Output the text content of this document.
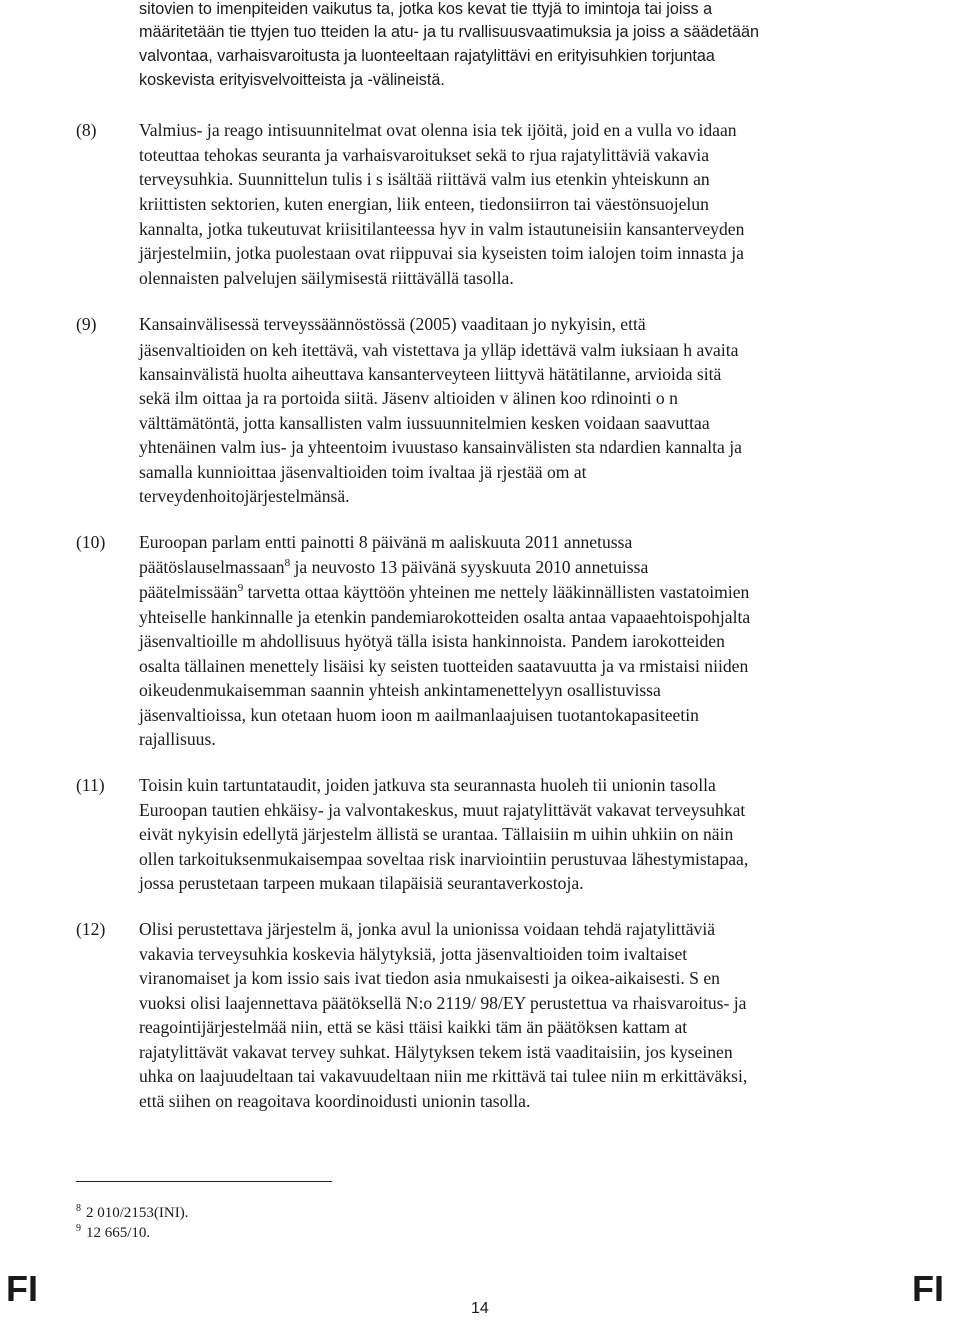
sitovien to imenpiteiden vaikutus ta, jotka kos kevat tie ttyjä to imintoja tai joiss a
määritetään tie ttyjen tuo tteiden la atu- ja tu rvallisuusvaatimuksia ja joiss a säädetään
valvontaa, varhaisvaroitusta ja luonteeltaan rajatylittävi en erityisuhkien torjuntaa
koskevista erityisvelvoitteista ja -välineistä.
(8) Valmius- ja reago intisuunnitelmat ovat olenna isia tek ijöitä, joid en a vulla vo idaan
toteuttaa tehokas seuranta ja varhaisvaroitukset sekä to rjua rajatylittäviä vakavia
terveysuhkia. Suunnittelun tulis i s isältää riittävä valm ius etenkin yhteiskunn an
kriittisten sektorien, kuten energian, liik enteen, tiedonsiirron tai väestönsuojelun
kannalta, jotka tukeutuvat kriisitilanteessa hyv in valm istautuneisiin kansanterveyden
järjestelmiin, jotka puolestaan ovat riippuvai sia kyseisten toim ialojen toim innasta ja
olennaisten palvelujen säilymisestä riittävällä tasolla.
(9) Kansainvälisessä terveyssäännöstössä (2005) vaaditaan jo nykyisin, että
jäsenvaltioiden on keh itettävä, vah vistettava ja ylläp idettävä valm iuksiaan h avaita
kansainvälistä huolta aiheuttava kansanterveyteen liittyvä hätätilanne, arvioida sitä
sekä ilm oittaa ja ra portoida siitä. Jäsenv altioiden v älinen koo rdinointi o n
välttämätöntä, jotta kansallisten valm iussuunnitelmien kesken voidaan saavuttaa
yhtenäinen valm ius- ja yhteentoim ivuustaso kansainvälisten sta ndardien kannalta ja
samalla kunnioittaa jäsenvaltioiden toim ivaltaa jä rjestää om at
terveydenhoitojärjestelmänsä.
(10) Euroopan parlam entti painotti 8 päivänä m aaliskuuta 2011 annetussa
päätöslauselmassaan$^8$ ja neuvosto 13 päivänä syyskuuta 2010 annetuissa
päätelmissään$^9$ tarvetta ottaa käyttöön yhteinen me nettely lääkinnällisten vastatoimien
yhteiselle hankinnalle ja etenkin pandemiarokotteiden osalta antaa vapaaehtoispohjalta
jäsenvaltioille m ahdollisuus hyötyä tälla isista hankinnoista. Pandem iarokotteiden
osalta tällainen menettely lisäisi ky seisten tuotteiden saatavuutta ja va rmistaisi niiden
oikeudenmukaisemman saannin yhteish ankintamenettelyyn osallistuvissa
jäsenvaltioissa, kun otetaan huom ioon m aailmanlaajuisen tuotantokapasiteetin
rajallisuus.
(11) Toisin kuin tartuntataudit, joiden jatkuva sta seurannasta huoleh tii unionin tasolla
Euroopan tautien ehkäisy- ja valvontakeskus, muut rajatylittävät vakavat terveysuhkat
eivät nykyisin edellytä järjestelm ällistä se urantaa. Tällaisiin m uihin uhkiin on näin
ollen tarkoituksenmukaisempaa soveltaa risk inarviointiin perustuvaa lähestymistapaa,
jossa perustetaan tarpeen mukaan tilapäisiä seurantaverkostoja.
(12) Olisi perustettava järjestelm ä, jonka avul la unionissa voidaan tehdä rajatylittäviä
vakavia terveysuhkia koskevia hälytyksiä, jotta jäsenvaltioiden toim ivaltaiset
viranomaiset ja kom issio sais ivat tiedon asia nmukaisesti ja oikea-aikaisesti. S en
vuoksi olisi laajennettava päätöksellä N:o 2119/ 98/EY perustettua va rhaisvaroitus- ja
reagointijärjestelmää niin, että se käsi ttäisi kaikki täm än päätöksen kattam at
rajatylittävät vakavat tervey suhkat. Hälytyksen tekem istä vaaditaisiin, jos kyseinen
uhka on laajuudeltaan tai vakavuudeltaan niin me rkittävä tai tulee niin m erkittäväksi,
että siihen on reagoitava koordinoidusti unionin tasolla.
8 2 010/2153(INI).
9 12 665/10.
FI	14	FI
